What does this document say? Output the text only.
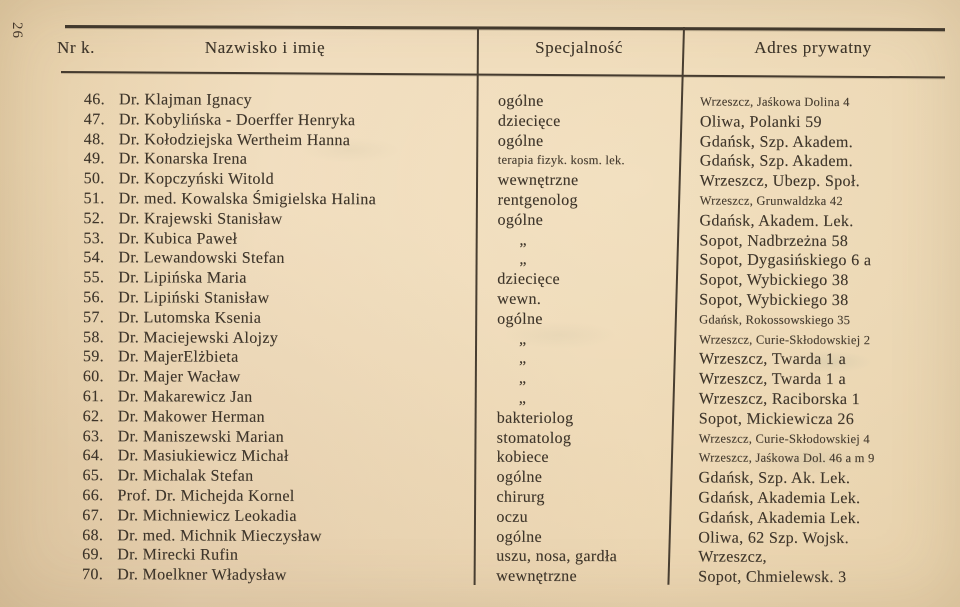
26
Nr k.	Nazwisko i imię	Specjalność	Adres prywatny
46. Dr. Klajman Ignacy	ogólne	Wrzeszcz, Jaśkowa Dolina 4
47. Dr. Kobylińska - Doerffer Henryka	dziecięce	Oliwa, Polanki 59
48. Dr. Kołodziejska Wertheim Hanna	ogólne	Gdańsk, Szp. Akadem.
49. Dr. Konarska Irena	terapia fizyk. kosm. lek.	Gdańsk, Szp. Akadem.
50. Dr. Kopczyński Witold	wewnętrzne	Wrzeszcz, Ubezp. Społ.
51. Dr. med. Kowalska Śmigielska Halina	rentgenolog	Wrzeszcz, Grunwaldzka 42
52. Dr. Krajewski Stanisław	ogólne	Gdańsk, Akadem. Lek.
53. Dr. Kubica Paweł	„	Sopot, Nadbrzeżna 58
54. Dr. Lewandowski Stefan	„	Sopot, Dygasińskiego 6 a
55. Dr. Lipińska Maria	dziecięce	Sopot, Wybickiego 38
56. Dr. Lipiński Stanisław	wewn.	Sopot, Wybickiego 38
57. Dr. Lutomska Ksenia	ogólne	Gdańsk, Rokossowskiego 35
58. Dr. Maciejewski Alojzy	„	Wrzeszcz, Curie-Skłodowskiej 2
59. Dr. MajerElżbieta	„	Wrzeszcz, Twarda 1 a
60. Dr. Majer Wacław	„	Wrzeszcz, Twarda 1 a
61. Dr. Makarewicz Jan	„	Wrzeszcz, Raciborska 1
62. Dr. Makower Herman	bakteriolog	Sopot, Mickiewicza 26
63. Dr. Maniszewski Marian	stomatolog	Wrzeszcz, Curie-Skłodowskiej 4
64. Dr. Masiukiewicz Michał	kobiece	Wrzeszcz, Jaśkowa Dol. 46 a m 9
65. Dr. Michalak Stefan	ogólne	Gdańsk, Szp. Ak. Lek.
66. Prof. Dr. Michejda Kornel	chirurg	Gdańsk, Akademia Lek.
67. Dr. Michniewicz Leokadia	oczu	Gdańsk, Akademia Lek.
68. Dr. med. Michnik Mieczysław	ogólne	Oliwa, 62 Szp. Wojsk.
69. Dr. Mirecki Rufin	uszu, nosa, gardła	Wrzeszcz,
70. Dr. Moelkner Władysław	wewnętrzne	Sopot, Chmielewsk. 3
